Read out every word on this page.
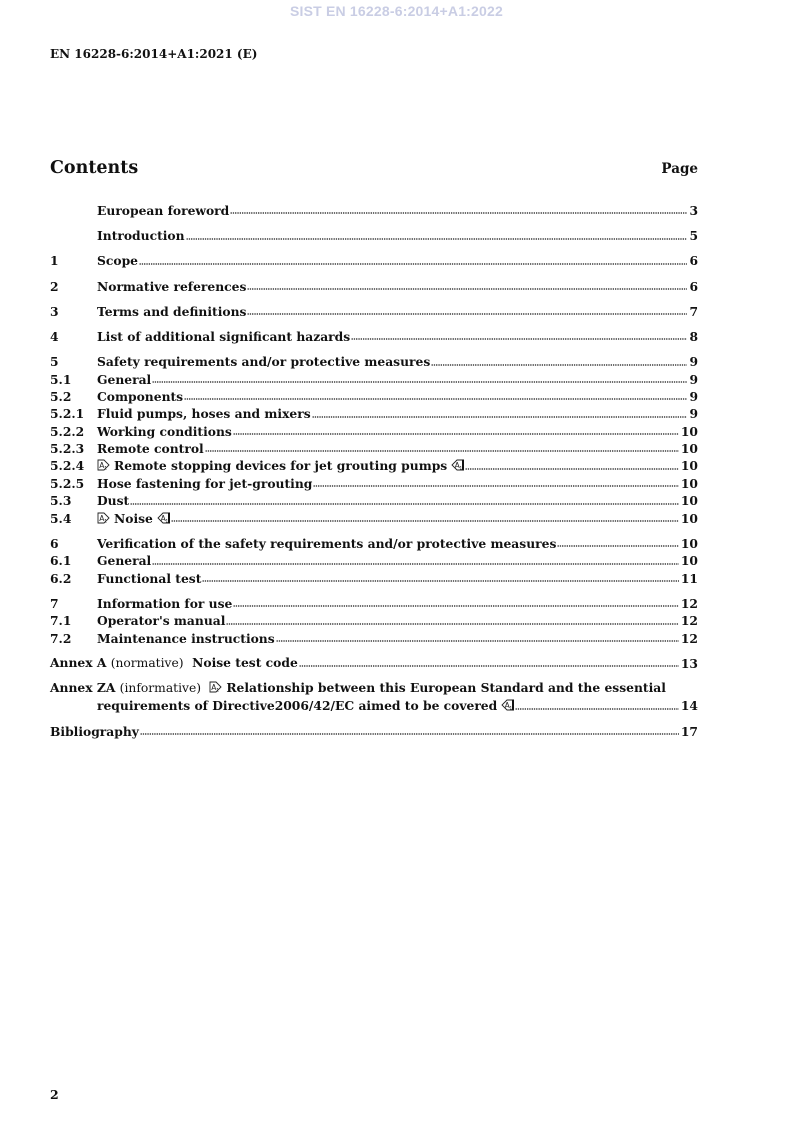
SIST EN 16228-6:2014+A1:2022
EN 16228-6:2014+A1:2021 (E)
Contents	Page
European foreword	3
Introduction	5
1	Scope	6
2	Normative references	6
3	Terms and definitions	7
4	List of additional significant hazards	8
5	Safety requirements and/or protective measures	9
5.1	General	9
5.2	Components	9
5.2.1	Fluid pumps, hoses and mixers	9
5.2.2	Working conditions	10
5.2.3	Remote control	10
5.2.4	A 1 Remote stopping devices for jet grouting pumps A 1	10
5.2.5	Hose fastening for jet-grouting	10
5.3	Dust	10
5.4	A 1 Noise A 1	10
6	Verification of the safety requirements and/or protective measures	10
6.1	General	10
6.2	Functional test	11
7	Information for use	12
7.1	Operator's manual	12
7.2	Maintenance instructions	12
Annex A (normative) Noise test code	13
Annex ZA (informative) A 1 Relationship between this European Standard and the essential
requirements of Directive2006/42/EC aimed to be covered A 1	14
Bibliography	17
2
